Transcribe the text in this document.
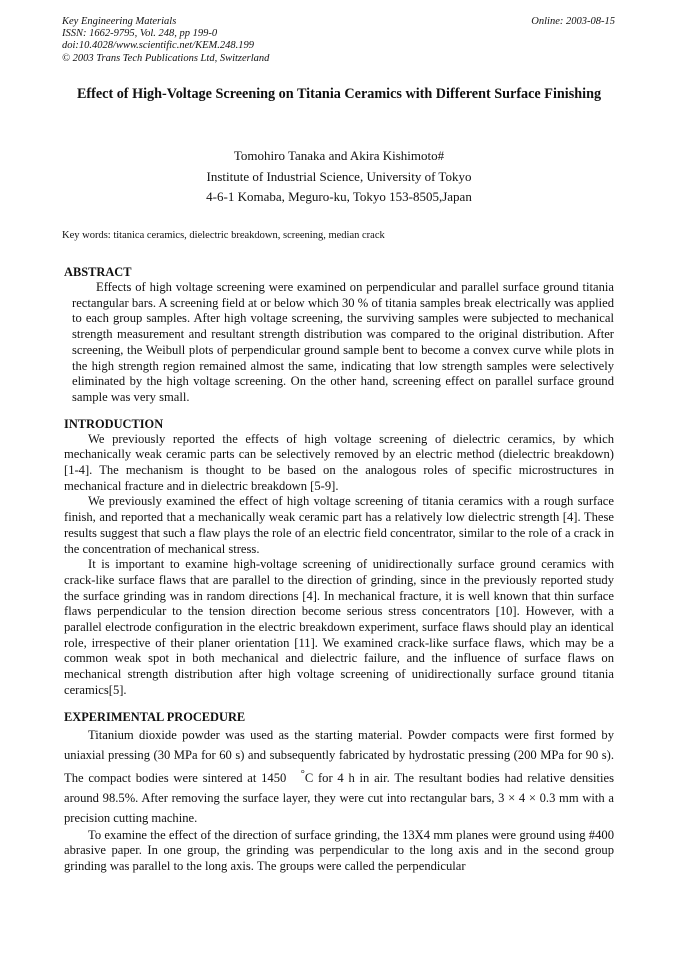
Key Engineering Materials
ISSN: 1662-9795, Vol. 248, pp 199-0
doi:10.4028/www.scientific.net/KEM.248.199
© 2003 Trans Tech Publications Ltd, Switzerland
Online: 2003-08-15
Effect of High-Voltage Screening on Titania Ceramics with Different Surface Finishing
Tomohiro Tanaka and Akira Kishimoto#
Institute of Industrial Science, University of Tokyo
4-6-1 Komaba, Meguro-ku, Tokyo 153-8505,Japan
Key words: titanica ceramics, dielectric breakdown, screening, median crack
ABSTRACT

Effects of high voltage screening were examined on perpendicular and parallel surface ground titania rectangular bars. A screening field at or below which 30 % of titania samples break electrically was applied to each group samples. After high voltage screening, the surviving samples were subjected to mechanical strength measurement and resultant strength distribution was compared to the original distribution. After screening, the Weibull plots of perpendicular ground sample bent to become a convex curve while plots in the high strength region remained almost the same, indicating that low strength samples were selectively eliminated by the high voltage screening. On the other hand, screening effect on parallel surface ground sample was very small.

INTRODUCTION

We previously reported the effects of high voltage screening of dielectric ceramics, by which mechanically weak ceramic parts can be selectively removed by an electric method (dielectric breakdown) [1-4]. The mechanism is thought to be based on the analogous roles of specific microstructures in mechanical fracture and in dielectric breakdown [5-9].

We previously examined the effect of high voltage screening of titania ceramics with a rough surface finish, and reported that a mechanically weak ceramic part has a relatively low dielectric strength [4]. These results suggest that such a flaw plays the role of an electric field concentrator, similar to the role of a crack in the concentration of mechanical stress.

It is important to examine high-voltage screening of unidirectionally surface ground ceramics with crack-like surface flaws that are parallel to the direction of grinding, since in the previously reported study the surface grinding was in random directions [4]. In mechanical fracture, it is well known that thin surface flaws perpendicular to the tension direction become serious stress concentrators [10]. However, with a parallel electrode configuration in the electric breakdown experiment, surface flaws should play an identical role, irrespective of their planer orientation [11]. We examined crack-like surface flaws, which may be a common weak spot in both mechanical and dielectric failure, and the influence of surface flaws on mechanical strength distribution after high voltage screening of unidirectionally surface ground titania ceramics[5].

EXPERIMENTAL PROCEDURE

Titanium dioxide powder was used as the starting material. Powder compacts were first formed by uniaxial pressing (30 MPa for 60 s) and subsequently fabricated by hydrostatic pressing (200 MPa for 90 s). The compact bodies were sintered at 1450 °C for 4 h in air. The resultant bodies had relative densities around 98.5%. After removing the surface layer, they were cut into rectangular bars, 3 × 4 × 0.3 mm with a precision cutting machine.

To examine the effect of the direction of surface grinding, the 13X4 mm planes were ground using #400 abrasive paper. In one group, the grinding was perpendicular to the long axis and in the second group grinding was parallel to the long axis. The groups were called the perpendicular
